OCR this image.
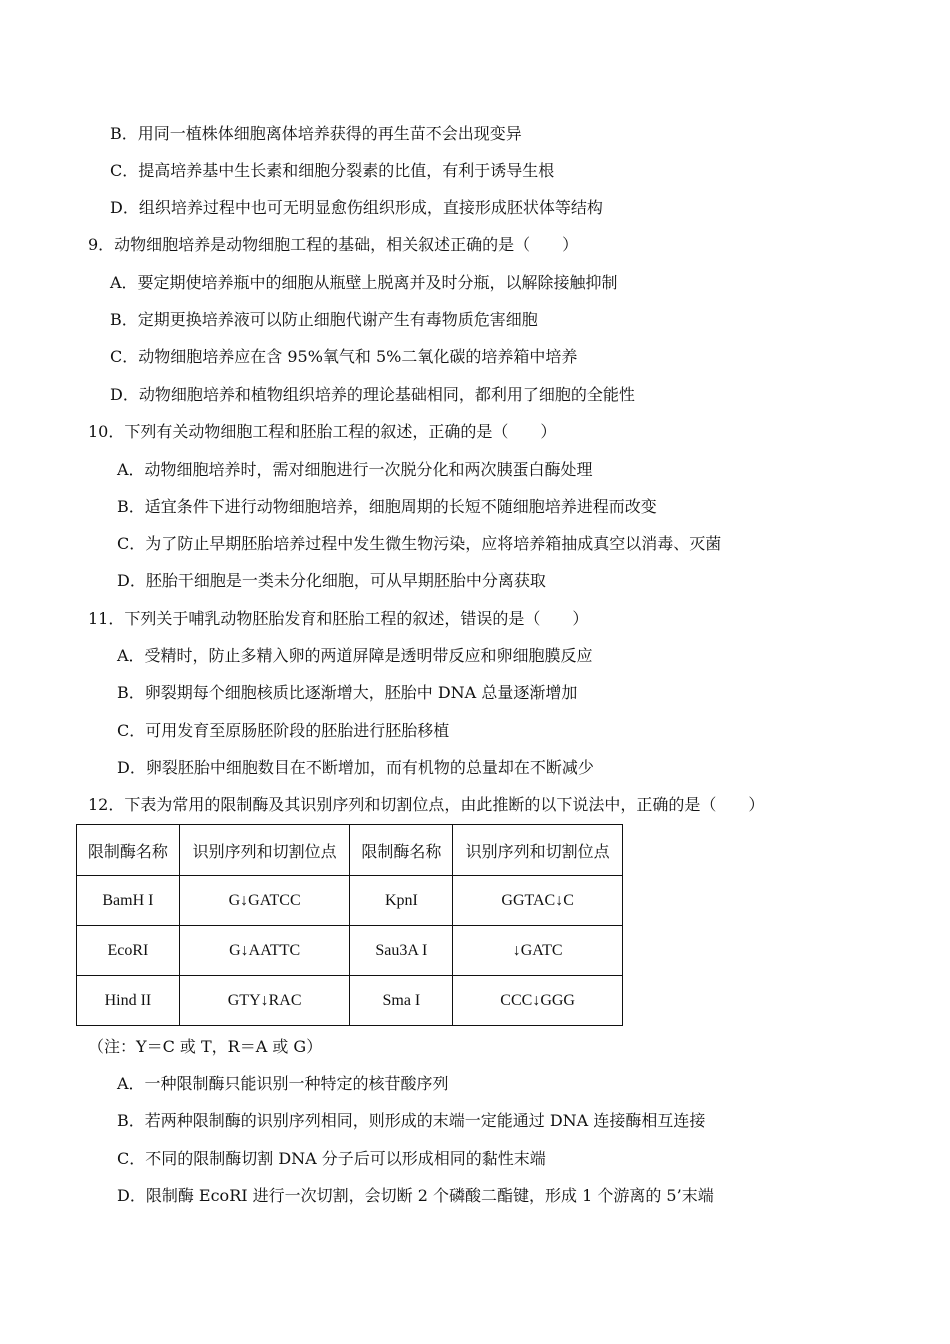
B．用同一植株体细胞离体培养获得的再生苗不会出现变异
C．提高培养基中生长素和细胞分裂素的比值，有利于诱导生根
D．组织培养过程中也可无明显愈伤组织形成，直接形成胚状体等结构
9．动物细胞培养是动物细胞工程的基础，相关叙述正确的是（　　）
A．要定期使培养瓶中的细胞从瓶壁上脱离并及时分瓶，以解除接触抑制
B．定期更换培养液可以防止细胞代谢产生有毒物质危害细胞
C．动物细胞培养应在含 95%氧气和 5%二氧化碳的培养箱中培养
D．动物细胞培养和植物组织培养的理论基础相同，都利用了细胞的全能性
10．下列有关动物细胞工程和胚胎工程的叙述，正确的是（　　）
A．动物细胞培养时，需对细胞进行一次脱分化和两次胰蛋白酶处理
B．适宜条件下进行动物细胞培养，细胞周期的长短不随细胞培养进程而改变
C．为了防止早期胚胎培养过程中发生微生物污染，应将培养箱抽成真空以消毒、灭菌
D．胚胎干细胞是一类未分化细胞，可从早期胚胎中分离获取
11．下列关于哺乳动物胚胎发育和胚胎工程的叙述，错误的是（　　）
A．受精时，防止多精入卵的两道屏障是透明带反应和卵细胞膜反应
B．卵裂期每个细胞核质比逐渐增大，胚胎中 DNA 总量逐渐增加
C．可用发育至原肠胚阶段的胚胎进行胚胎移植
D．卵裂胚胎中细胞数目在不断增加，而有机物的总量却在不断减少
12．下表为常用的限制酶及其识别序列和切割位点，由此推断的以下说法中，正确的是（　　）
限制酶名称	识别序列和切割位点	限制酶名称	识别序列和切割位点
BamH I	G↓GATCC	KpnI	GGTAC↓C
EcoRI	G↓AATTC	Sau3A I	↓GATC
Hind II	GTY↓RAC	Sma I	CCC↓GGG
（注：Y＝C 或 T，R＝A 或 G）
A．一种限制酶只能识别一种特定的核苷酸序列
B．若两种限制酶的识别序列相同，则形成的末端一定能通过 DNA 连接酶相互连接
C．不同的限制酶切割 DNA 分子后可以形成相同的黏性末端
D．限制酶 EcoRI 进行一次切割，会切断 2 个磷酸二酯键，形成 1 个游离的 5’末端
